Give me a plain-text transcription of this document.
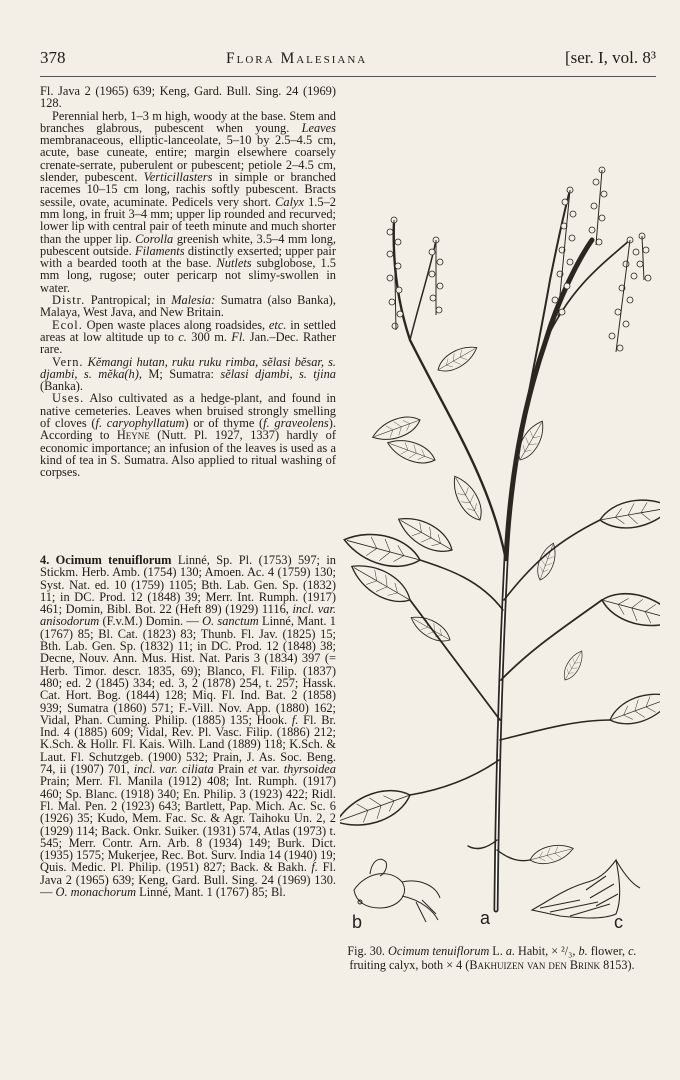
378	Flora Malesiana	[ser. I, vol. 8³

Fl. Java 2 (1965) 639; Keng, Gard. Bull. Sing. 24 (1969) 128.

Perennial herb, 1–3 m high, woody at the base. Stem and branches glabrous, pubescent when young. Leaves membranaceous, elliptic-lanceolate, 5–10 by 2.5–4.5 cm, acute, base cuneate, entire; margin elsewhere coarsely crenate-serrate, puberulent or pubescent; petiole 2–4.5 cm, slender, pubescent. Verticillasters in simple or branched racemes 10–15 cm long, rachis softly pubescent. Bracts sessile, ovate, acuminate. Pedicels very short. Calyx 1.5–2 mm long, in fruit 3–4 mm; upper lip rounded and recurved; lower lip with central pair of teeth minute and much shorter than the upper lip. Corolla greenish white, 3.5–4 mm long, pubescent outside. Filaments distinctly exserted; upper pair with a bearded tooth at the base. Nutlets subglobose, 1.5 mm long, rugose; outer pericarp not slimy-swollen in water.

Distr. Pantropical; in Malesia: Sumatra (also Banka), Malaya, West Java, and New Britain.

Ecol. Open waste places along roadsides, etc. in settled areas at low altitude up to c. 300 m. Fl. Jan.–Dec. Rather rare.

Vern. Kĕmangi hutan, ruku ruku rimba, sĕlasi bĕsar, s. djambi, s. mĕka(h), M; Sumatra: sĕlasi djambi, s. tjina (Banka).

Uses. Also cultivated as a hedge-plant, and found in native cemeteries. Leaves when bruised strongly smelling of cloves (f. caryophyllatum) or of thyme (f. graveolens). According to Heyne (Nutt. Pl. 1927, 1337) hardly of economic importance; an infusion of the leaves is used as a kind of tea in S. Sumatra. Also applied to ritual washing of corpses.

4. Ocimum tenuiflorum Linné, Sp. Pl. (1753) 597; in Stickm. Herb. Amb. (1754) 130; Amoen. Ac. 4 (1759) 130; Syst. Nat. ed. 10 (1759) 1105; Bth. Lab. Gen. Sp. (1832) 11; in DC. Prod. 12 (1848) 39; Merr. Int. Rumph. (1917) 461; Domin, Bibl. Bot. 22 (Heft 89) (1929) 1116, incl. var. anisodorum (F.v.M.) Domin. — O. sanctum Linné, Mant. 1 (1767) 85; Bl. Cat. (1823) 83; Thunb. Fl. Jav. (1825) 15; Bth. Lab. Gen. Sp. (1832) 11; in DC. Prod. 12 (1848) 38; Decne, Nouv. Ann. Mus. Hist. Nat. Paris 3 (1834) 397 (= Herb. Timor. descr. 1835, 69); Blanco, Fl. Filip. (1837) 480; ed. 2 (1845) 334; ed. 3, 2 (1878) 254, t. 257; Hassk. Cat. Hort. Bog. (1844) 128; Miq. Fl. Ind. Bat. 2 (1858) 939; Sumatra (1860) 571; F.-Vill. Nov. App. (1880) 162; Vidal, Phan. Cuming. Philip. (1885) 135; Hook. f. Fl. Br. Ind. 4 (1885) 609; Vidal, Rev. Pl. Vasc. Filip. (1886) 212; K.Sch. & Hollr. Fl. Kais. Wilh. Land (1889) 118; K.Sch. & Laut. Fl. Schutzgeb. (1900) 532; Prain, J. As. Soc. Beng. 74, ii (1907) 701, incl. var. ciliata Prain et var. thyrsoidea Prain; Merr. Fl. Manila (1912) 408; Int. Rumph. (1917) 460; Sp. Blanc. (1918) 340; En. Philip. 3 (1923) 422; Ridl. Fl. Mal. Pen. 2 (1923) 643; Bartlett, Pap. Mich. Ac. Sc. 6 (1926) 35; Kudo, Mem. Fac. Sc. & Agr. Taihoku Un. 2, 2 (1929) 114; Back. Onkr. Suiker. (1931) 574, Atlas (1973) t. 545; Merr. Contr. Arn. Arb. 8 (1934) 149; Burk. Dict. (1935) 1575; Mukerjee, Rec. Bot. Surv. India 14 (1940) 19; Quis. Medic. Pl. Philip. (1951) 827; Back. & Bakh. f. Fl. Java 2 (1965) 639; Keng, Gard. Bull. Sing. 24 (1969) 130. — O. monachorum Linné, Mant. 1 (1767) 85; Bl.

a
b	c
Fig. 30. Ocimum tenuiflorum L. a. Habit, × ²/₃, b. flower, c. fruiting calyx, both × 4 (Bakhuizen van den Brink 8153).
